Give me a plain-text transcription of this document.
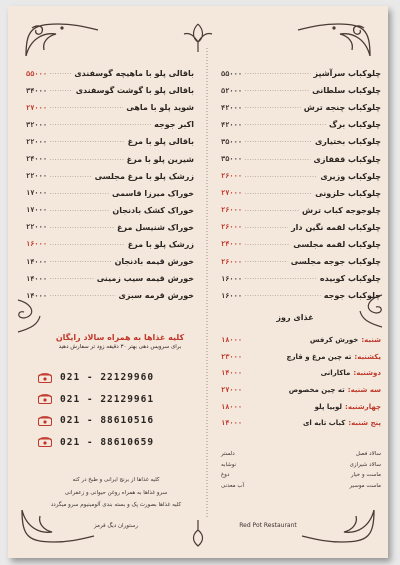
چلوکباب سرآشپز
۵۵۰۰۰
چلوکباب سلطانی
۵۲۰۰۰
چلوکباب چنجه ترش
۴۲۰۰۰
چلوکباب برگ
۴۲۰۰۰
چلوکباب بختیاری
۳۵۰۰۰
چلوکباب قفقازی
۳۵۰۰۰
چلوکباب وزیری
۲۶۰۰۰
چلوکباب حلزونی
۲۷۰۰۰
چلوجوجه کباب ترش
۲۶۰۰۰
چلوکباب لقمه نگین دار
۲۶۰۰۰
چلوکباب لقمه مجلسی
۲۴۰۰۰
چلوکباب جوجه مجلسی
۲۶۰۰۰
چلوکباب کوبیده
۱۶۰۰۰
چلوکباب جوجه
۱۶۰۰۰
باقالی پلو با ماهیچه گوسفندی
۵۵۰۰۰
باقالی پلو با گوشت گوسفندی
۳۴۰۰۰
شوید پلو با ماهی
۲۷۰۰۰
اکبر جوجه
۳۲۰۰۰
باقالی پلو با مرغ
۲۲۰۰۰
شیرین پلو با مرغ
۲۴۰۰۰
زرشک پلو با مرغ مجلسی
۲۲۰۰۰
خوراک میرزا قاسمی
۱۷۰۰۰
خوراک کشک بادنجان
۱۷۰۰۰
خوراک شنیسل مرغ
۲۲۰۰۰
زرشک پلو با مرغ
۱۶۰۰۰
خورش قیمه بادنجان
۱۴۰۰۰
خورش قیمه سیب زمینی
۱۴۰۰۰
خورش قرمه سبزی
۱۴۰۰۰
غذای روز
شنبه:
خورش کرفس
۱۸۰۰۰
یکشنبه:
ته چین مرغ و قارچ
۲۳۰۰۰
دوشنبه:
ماکارانی
۱۴۰۰۰
سه شنبه:
ته چین مخصوص
۲۷۰۰۰
چهارشنبه:
لوبیا پلو
۱۸۰۰۰
پنج شنبه:
کباب تابه ای
۱۴۰۰۰
کلیه غذاها به همراه سالاد رایگان
برای سرویس دهی بهتر ۳۰ دقیقه زود تر سفارش دهید
021 - 22129960
021 - 22129961
021 - 88610516
021 - 88610659
کلیه غذاها از برنج ایرانی و طبخ در کته
سرو غذاها به همراه روغن حیوانی و زعفرانی
کلیه غذاها بصورت پک و بسته بندی آلومینیوم سرو میگردد
سالاد فصل
دلستر
سالاد شیرازی
نوشابه
ماست و خیار
دوغ
ماست موسیر
آب معدنی
رستوران دیگ قرمز	Red Pot Restaurant
